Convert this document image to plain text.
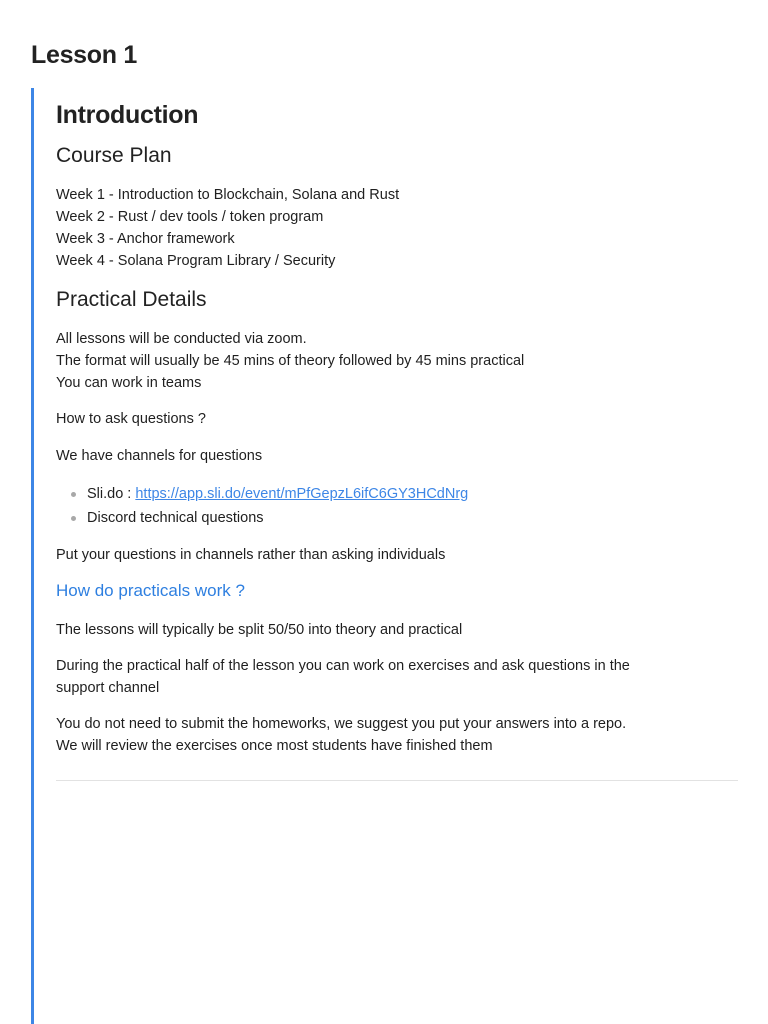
Lesson 1
Introduction
Course Plan

Week 1 - Introduction to Blockchain, Solana and Rust

Week 2 - Rust / dev tools / token program

Week 3 - Anchor framework

Week 4 - Solana Program Library / Security

Practical Details

All lessons will be conducted via zoom.

The format will usually be 45 mins of theory followed by 45 mins practical

You can work in teams

How to ask questions ?

We have channels for questions

Sli.do : https://app.sli.do/event/mPfGepzL6ifC6GY3HCdNrg
Discord technical questions

Put your questions in channels rather than asking individuals

How do practicals work ?

The lessons will typically be split 50/50 into theory and practical

During the practical half of the lesson you can work on exercises and ask questions in the

support channel

You do not need to submit the homeworks, we suggest you put your answers into a repo.

We will review the exercises once most students have finished them
